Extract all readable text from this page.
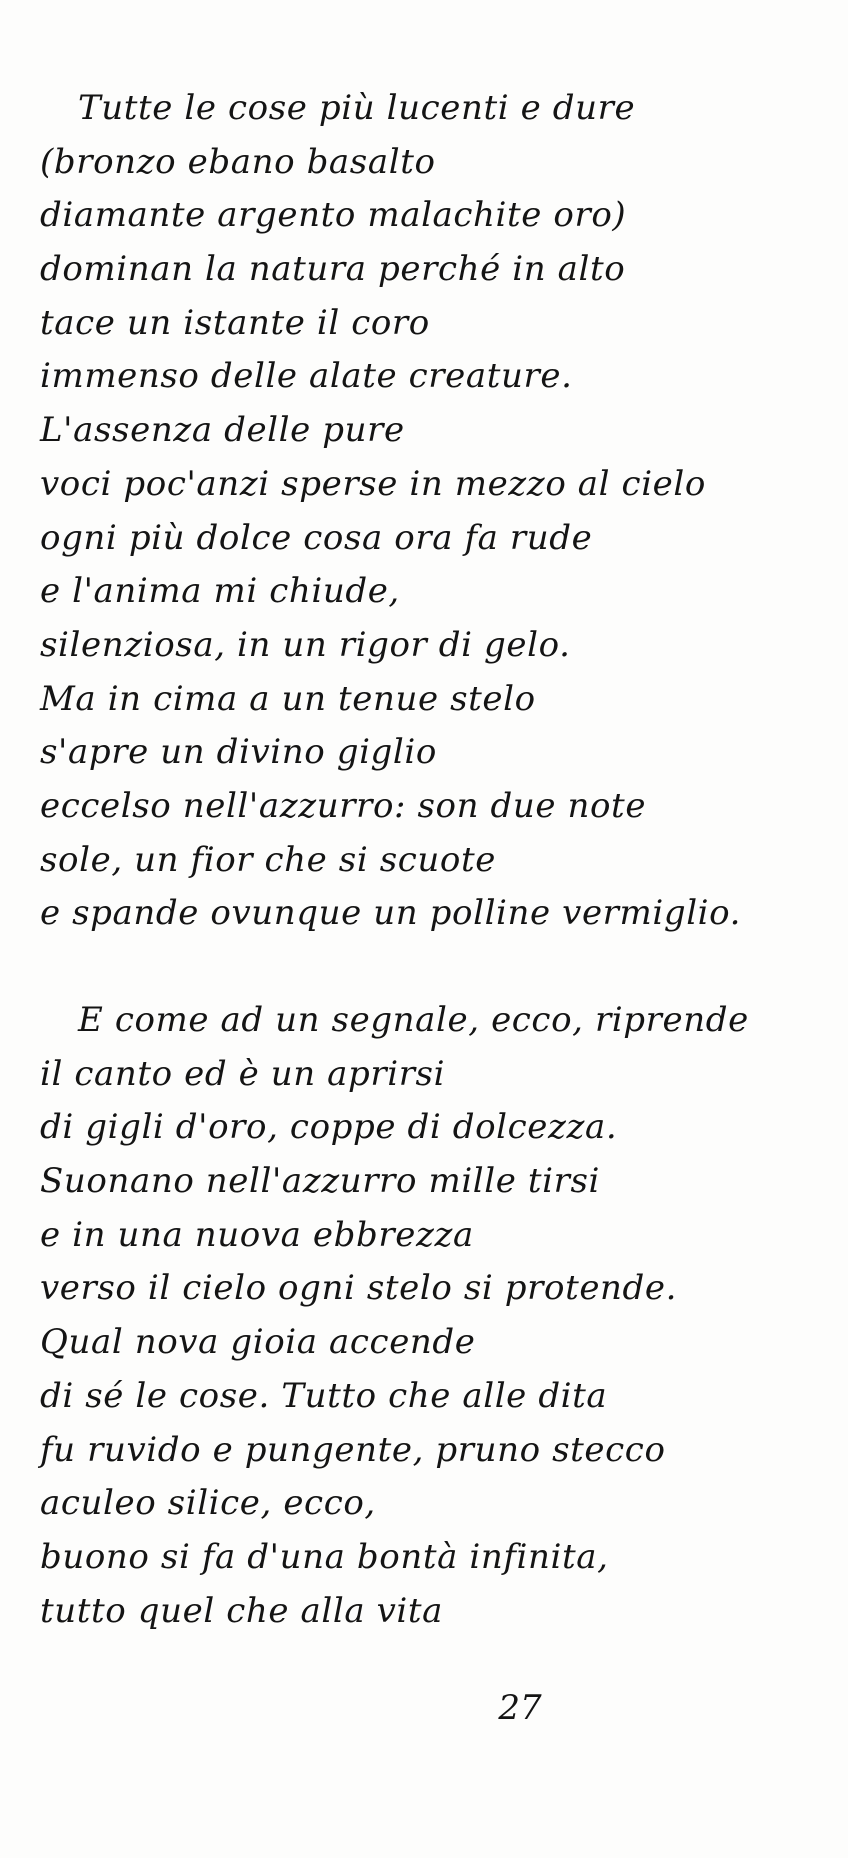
Tutte le cose più lucenti e dure
(bronzo ebano basalto
diamante argento malachite oro)
dominan la natura perché in alto
tace un istante il coro
immenso delle alate creature.
L'assenza delle pure
voci poc'anzi sperse in mezzo al cielo
ogni più dolce cosa ora fa rude
e l'anima mi chiude,
silenziosa, in un rigor di gelo.
Ma in cima a un tenue stelo
s'apre un divino giglio
eccelso nell'azzurro: son due note
sole, un fior che si scuote
e spande ovunque un polline vermiglio.
E come ad un segnale, ecco, riprende
il canto ed è un aprirsi
di gigli d'oro, coppe di dolcezza.
Suonano nell'azzurro mille tirsi
e in una nuova ebbrezza
verso il cielo ogni stelo si protende.
Qual nova gioia accende
di sé le cose. Tutto che alle dita
fu ruvido e pungente, pruno stecco
aculeo silice, ecco,
buono si fa d'una bontà infinita,
tutto quel che alla vita

27
